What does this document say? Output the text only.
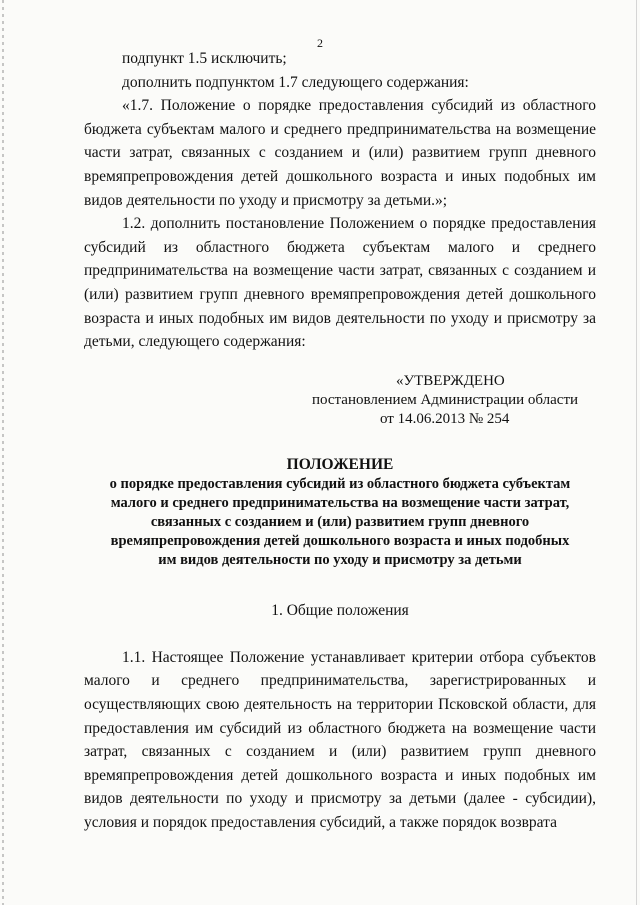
2

подпункт 1.5 исключить;

дополнить подпунктом 1.7 следующего содержания:

«1.7. Положение о порядке предоставления субсидий из областного бюджета субъектам малого и среднего предпринимательства на возмещение части затрат, связанных с созданием и (или) развитием групп дневного времяпрепровождения детей дошкольного возраста и иных подобных им видов деятельности по уходу и присмотру за детьми.»;

1.2. дополнить постановление Положением о порядке предоставления субсидий из областного бюджета субъектам малого и среднего предпринимательства на возмещение части затрат, связанных с созданием и (или) развитием групп дневного времяпрепровождения детей дошкольного возраста и иных подобных им видов деятельности по уходу и присмотру за детьми, следующего содержания:

«УТВЕРЖДЕНО
постановлением Администрации области
от 14.06.2013 № 254
ПОЛОЖЕНИЕ
о порядке предоставления субсидий из областного бюджета субъектам
малого и среднего предпринимательства на возмещение части затрат,
связанных с созданием и (или) развитием групп дневного
времяпрепровождения детей дошкольного возраста и иных подобных
им видов деятельности по уходу и присмотру за детьми
1. Общие положения

1.1. Настоящее Положение устанавливает критерии отбора субъектов малого и среднего предпринимательства, зарегистрированных и осуществляющих свою деятельность на территории Псковской области, для предоставления им субсидий из областного бюджета на возмещение части затрат, связанных с созданием и (или) развитием групп дневного времяпрепровождения детей дошкольного возраста и иных подобных им видов деятельности по уходу и присмотру за детьми (далее - субсидии), условия и порядок предоставления субсидий, а также порядок возврата
